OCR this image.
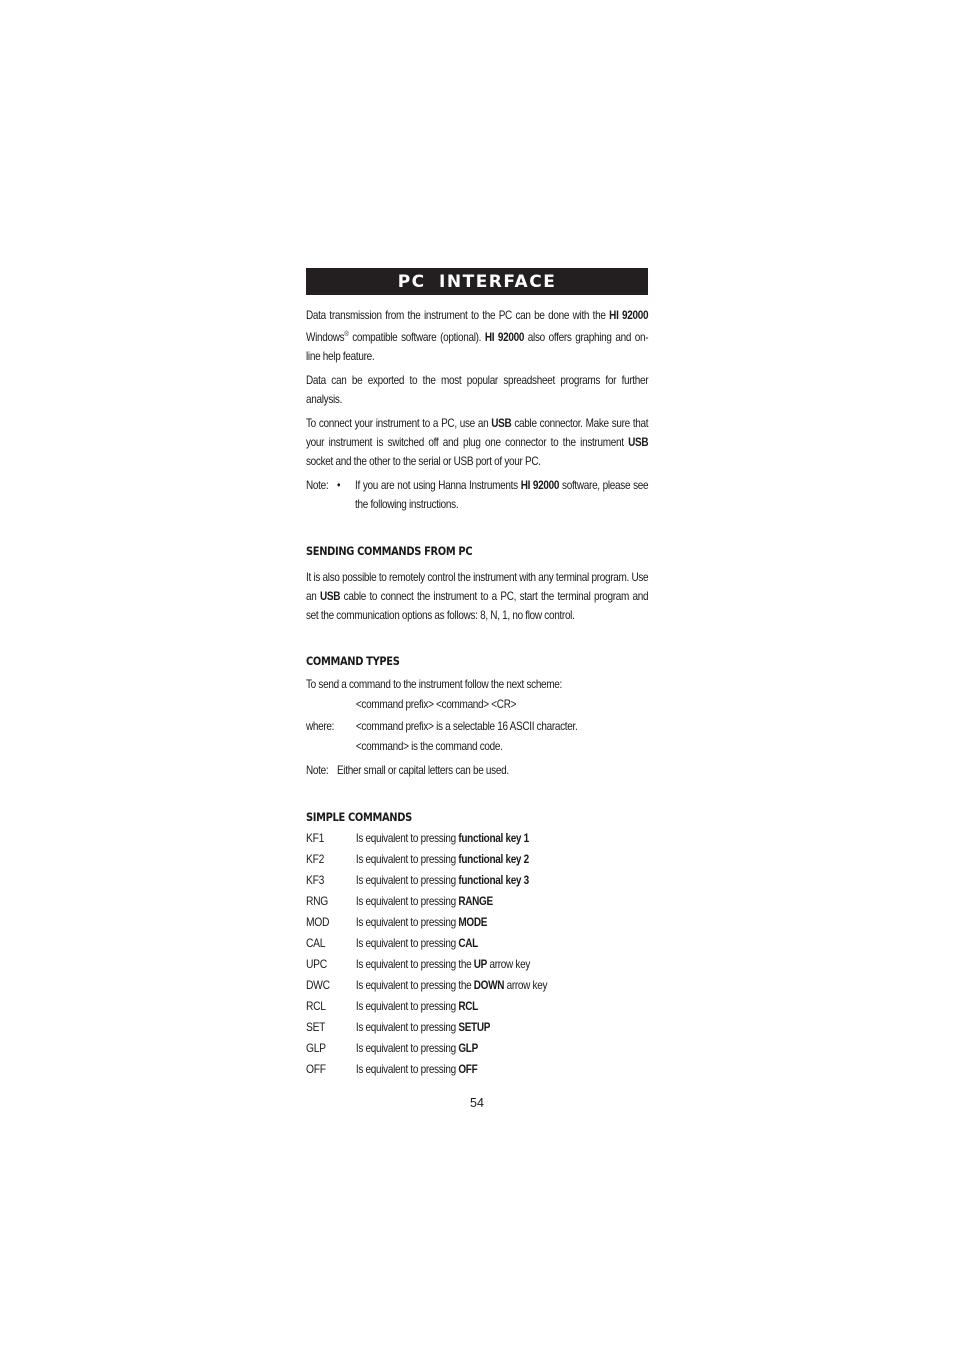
PC INTERFACE

Data transmission from the instrument to the PC can be done with the HI 92000 Windows® compatible software (optional). HI 92000 also offers graphing and on-line help feature.

Data can be exported to the most popular spreadsheet programs for further analysis.

To connect your instrument to a PC, use an USB cable connector. Make sure that your instrument is switched off and plug one connector to the instrument USB socket and the other to the serial or USB port of your PC.

Note: •	If you are not using Hanna Instruments HI 92000 software, please see the following instructions.
SENDING COMMANDS FROM PC

It is also possible to remotely control the instrument with any terminal program. Use an USB cable to connect the instrument to a PC, start the terminal program and set the communication options as follows: 8, N, 1, no flow control.

COMMAND TYPES

To send a command to the instrument follow the next scheme:

<command prefix> <command> <CR>
where:	<command prefix> is a selectable 16 ASCII character.
<command> is the command code.
Note: Either small or capital letters can be used.
SIMPLE COMMANDS
KF1	Is equivalent to pressing functional key 1
KF2	Is equivalent to pressing functional key 2
KF3	Is equivalent to pressing functional key 3
RNG	Is equivalent to pressing RANGE
MOD	Is equivalent to pressing MODE
CAL	Is equivalent to pressing CAL
UPC	Is equivalent to pressing the UP arrow key
DWC	Is equivalent to pressing the DOWN arrow key
RCL	Is equivalent to pressing RCL
SET	Is equivalent to pressing SETUP
GLP	Is equivalent to pressing GLP
OFF	Is equivalent to pressing OFF
54
